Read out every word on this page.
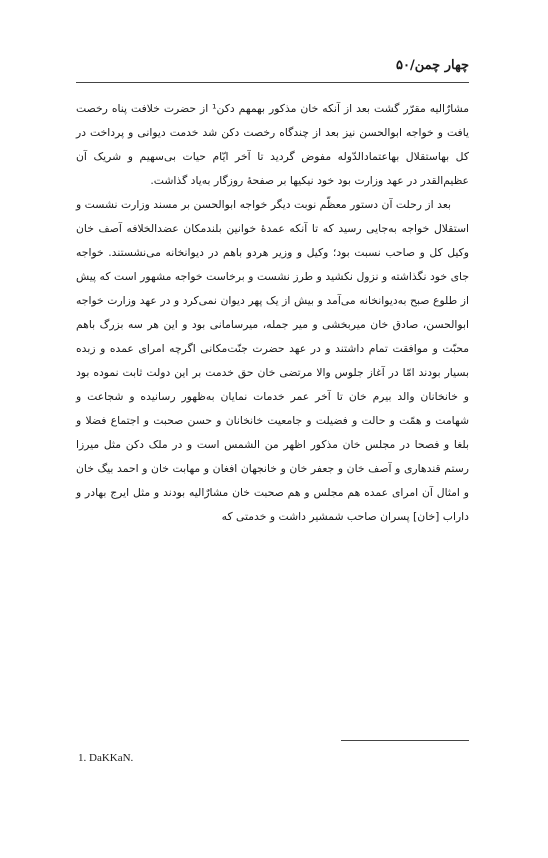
چهار چمن/۵۰

مشارٌالیه مقرّر گشت بعد از آنکه خان مذکور بهمهم دکن¹ از حضرت خلافت پناه رخصت یافت و خواجه ابوالحسن نیز بعد از چندگاه رخصت دکن شد خدمت دیوانی و پرداخت در کل بهاستقلال بهاعتمادالدّوله مفوض گردید تا آخر ایّام حیات بی‌سهیم و شریک آن عظیم‌القدر در عهد وزارت بود خود نیکیها بر صفحهٔ روزگار به‌یاد گذاشت.

بعد از رحلت آن دستور معظّم نوبت دیگر خواجه ابوالحسن بر مسند وزارت نشست و استقلال خواجه به‌جایی رسید که تا آنکه عمدهٔ خوانین بلندمکان عضدالخلافه آصف خان وکیل کل و صاحب نسبت بود؛ وکیل و وزیر هردو باهم در دیوانخانه می‌نشستند. خواجه جای خود نگذاشته و نزول نکشید و طرز نشست و برخاست خواجه مشهور است که پیش از طلوع صبح به‌دیوانخانه می‌آمد و بیش از یک پهر دیوان نمی‌کرد و در عهد وزارت خواجه ابوالحسن، صادق خان میربخشی و میر جمله، میرسامانی بود و این هر سه بزرگ باهم محبّت و موافقت تمام داشتند و در عهد حضرت جنّت‌مکانی اگرچه امرای عمده و زبده بسیار بودند امّا در آغاز جلوس والا مرتضی خان حق خدمت بر این دولت ثابت نموده بود و خانخانان والد بیرم خان تا آخر عمر خدمات نمایان به‌ظهور رسانیده و شجاعت و شهامت و همّت و حالت و فضیلت و جامعیت خانخانان و حسن صحبت و اجتماع فضلا و بلغا و فصحا در مجلس خان مذکور اظهر من الشمس است و در ملک دکن مثل میرزا رستم قندهاری و آصف خان و جعفر خان و خانجهان افغان و مهابت خان و احمد بیگ خان و امثال آن امرای عمده هم مجلس و هم صحبت خان مشارٌالیه بودند و مثل ایرج بهادر و داراب [خان] پسران صاحب شمشیر داشت و خدمتی که

1. DaKKaN.
